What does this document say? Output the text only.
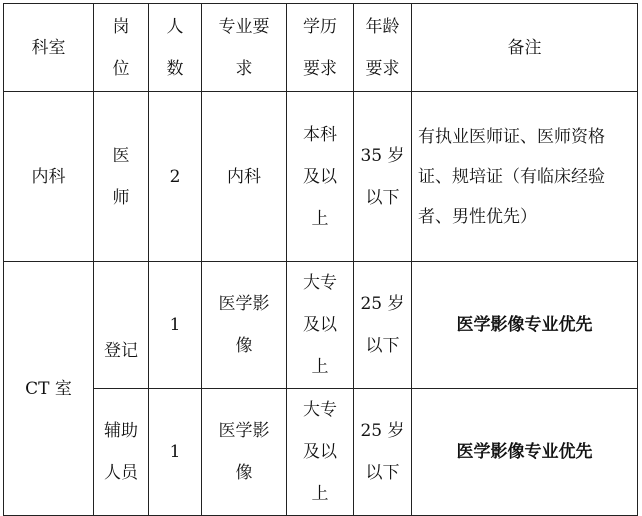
科室	岗位	人数	专业要求	学历要求	年龄要求	备注
内科	医师	2	内科	本科及以上	35 岁以下	有执业医师证、医师资格证、规培证（有临床经验者、男性优先）

CT 室	登记	1	医学影像	大专及以上	25 岁以下	医学影像专业优先
	辅助人员	1	医学影像	大专及以上	25 岁以下	医学影像专业优先
